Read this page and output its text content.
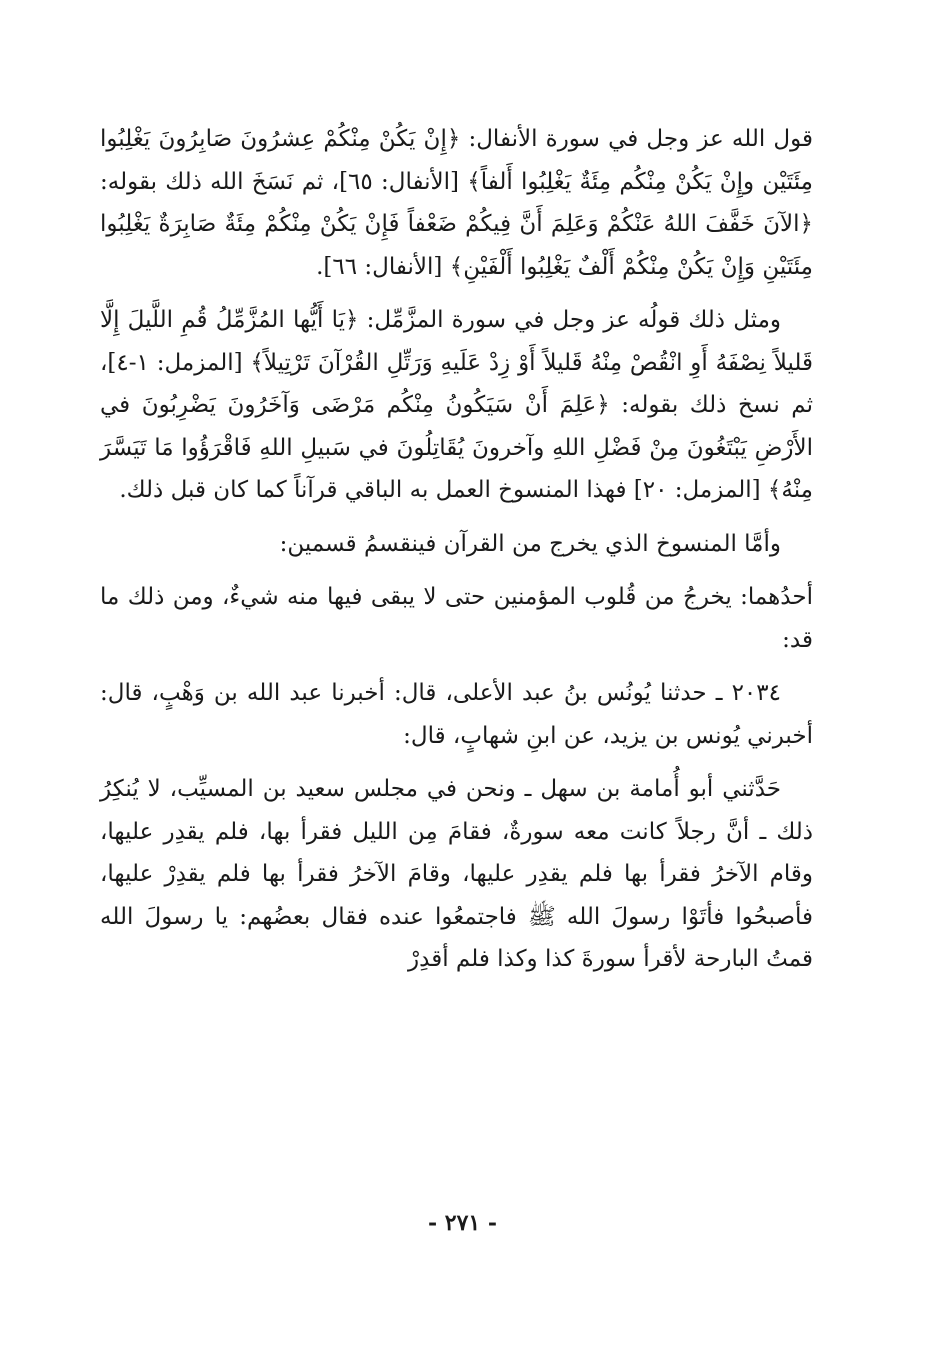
قول الله عز وجل في سورة الأنفال: ﴿إِنْ يَكُنْ مِنْكُمْ عِشرُونَ صَابِرُونَ يَغْلِبُوا مِئَتَيْن وإِنْ يَكُنْ مِنْكُم مِئَةٌ يَغْلِبُوا أَلفاً﴾ [الأنفال: ٦٥]، ثم نَسَخَ الله ذلك بقوله: ﴿الآنَ خَفَّفَ اللهُ عَنْكُمْ وَعَلِمَ أَنَّ فِيكُمْ ضَعْفاً فَإِنْ يَكُنْ مِنْكُمْ مِئَةٌ صَابِرَةٌ يَغْلِبُوا مِئَتَيْنِ وَإِنْ يَكُنْ مِنْكُمْ أَلْفٌ يَغْلِبُوا أَلْفَيْنِ﴾ [الأنفال: ٦٦].

ومثل ذلك قولُه عز وجل في سورة المزَّمِّل: ﴿يَا أَيُّها المُزَّمِّلُ قُمِ اللَّيلَ إِلَّا قَليلاً نِصْفَهُ أَوِ انْقُصْ مِنْهُ قَليلاً أَوْ زِدْ عَلَيهِ وَرَتِّلِ القُرْآنَ تَرْتِيلاً﴾ [المزمل: ١-٤]، ثم نسخ ذلك بقوله: ﴿عَلِمَ أَنْ سَيَكُونُ مِنْكُم مَرْضَى وَآخَرُونَ يَضْرِبُونَ في الأَرْضِ يَبْتَغُونَ مِنْ فَضْلِ اللهِ وآخرونَ يُقَاتِلُونَ في سَبيلِ اللهِ فَاقْرَؤُوا مَا تَيَسَّرَ مِنْهُ﴾ [المزمل: ٢٠] فهذا المنسوخ العمل به الباقي قرآناً كما كان قبل ذلك.

وأمَّا المنسوخ الذي يخرج من القرآن فينقسمُ قسمين:

أحدُهما: يخرجُ من قُلوب المؤمنين حتى لا يبقى فيها منه شيءٌ، ومن ذلك ما قد:

٢٠٣٤ ـ حدثنا يُونُس بنُ عبد الأعلى، قال: أخبرنا عبد الله بن وَهْبٍ، قال: أخبرني يُونس بن يزيد، عن ابنِ شهابٍ، قال:

حَدَّثني أبو أُمامة بن سهل ـ ونحن في مجلس سعيد بن المسيِّب، لا يُنكِرُ ذلك ـ أنَّ رجلاً كانت معه سورةٌ، فقامَ مِن الليل فقرأ بها، فلم يقدِر عليها، وقام الآخرُ فقرأ بها فلم يقدِر عليها، وقامَ الآخرُ فقرأ بها فلم يقدِرْ عليها، فأصبحُوا فأتَوْا رسولَ الله ﷺ فاجتمعُوا عنده فقال بعضُهم: يا رسولَ الله قمتُ البارحة لأقرأ سورةَ كذا وكذا فلم أقدِرْ

- ٢٧١ -
